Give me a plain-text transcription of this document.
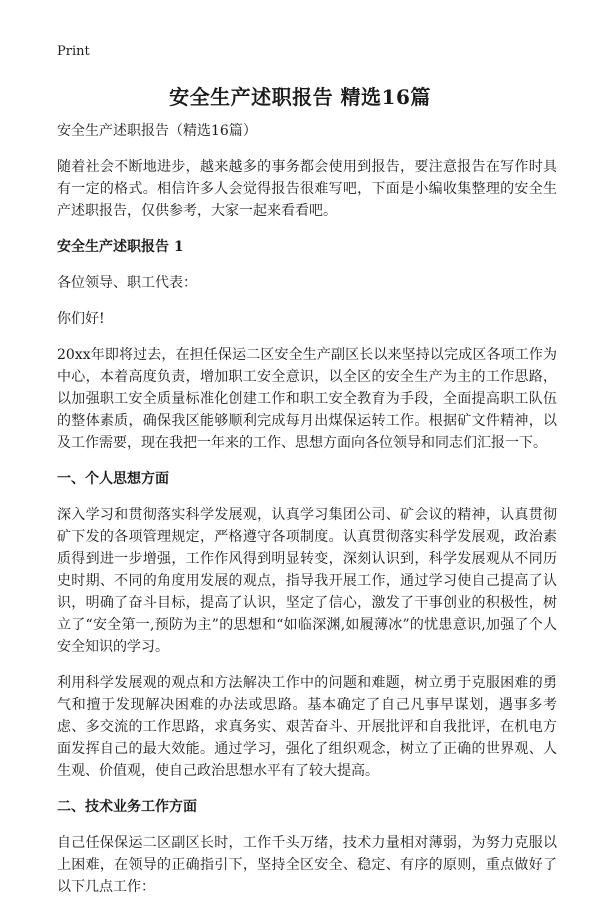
Print
安全生产述职报告 精选16篇

安全生产述职报告（精选16篇）

随着社会不断地进步，越来越多的事务都会使用到报告，要注意报告在写作时具有一定的格式。相信许多人会觉得报告很难写吧，下面是小编收集整理的安全生产述职报告，仅供参考，大家一起来看看吧。

安全生产述职报告 1

各位领导、职工代表：

你们好!

20xx年即将过去，在担任保运二区安全生产副区长以来坚持以完成区各项工作为中心，本着高度负责，增加职工安全意识，以全区的安全生产为主的工作思路，以加强职工安全质量标准化创建工作和职工安全教育为手段，全面提高职工队伍的整体素质，确保我区能够顺利完成每月出煤保运转工作。根据矿文件精神，以及工作需要，现在我把一年来的工作、思想方面向各位领导和同志们汇报一下。

一、个人思想方面

深入学习和贯彻落实科学发展观，认真学习集团公司、矿会议的精神，认真贯彻矿下发的各项管理规定，严格遵守各项制度。认真贯彻落实科学发展观，政治素质得到进一步增强，工作作风得到明显转变，深刻认识到，科学发展观从不同历史时期、不同的角度用发展的观点，指导我开展工作，通过学习使自己提高了认识，明确了奋斗目标，提高了认识，坚定了信心，激发了干事创业的积极性，树立了“安全第一,预防为主”的思想和“如临深渊,如履薄冰”的忧患意识,加强了个人安全知识的学习。

利用科学发展观的观点和方法解决工作中的问题和难题，树立勇于克服困难的勇气和擅于发现解决困难的办法或思路。基本确定了自己凡事早谋划，遇事多考虑、多交流的工作思路，求真务实、艰苦奋斗、开展批评和自我批评，在机电方面发挥自己的最大效能。通过学习，强化了组织观念，树立了正确的世界观、人生观、价值观，使自己政治思想水平有了较大提高。

二、技术业务工作方面

自己任保保运二区副区长时，工作千头万绪，技术力量相对薄弱，为努力克服以上困难，在领导的正确指引下，坚持全区安全、稳定、有序的原则，重点做好了以下几点工作：
